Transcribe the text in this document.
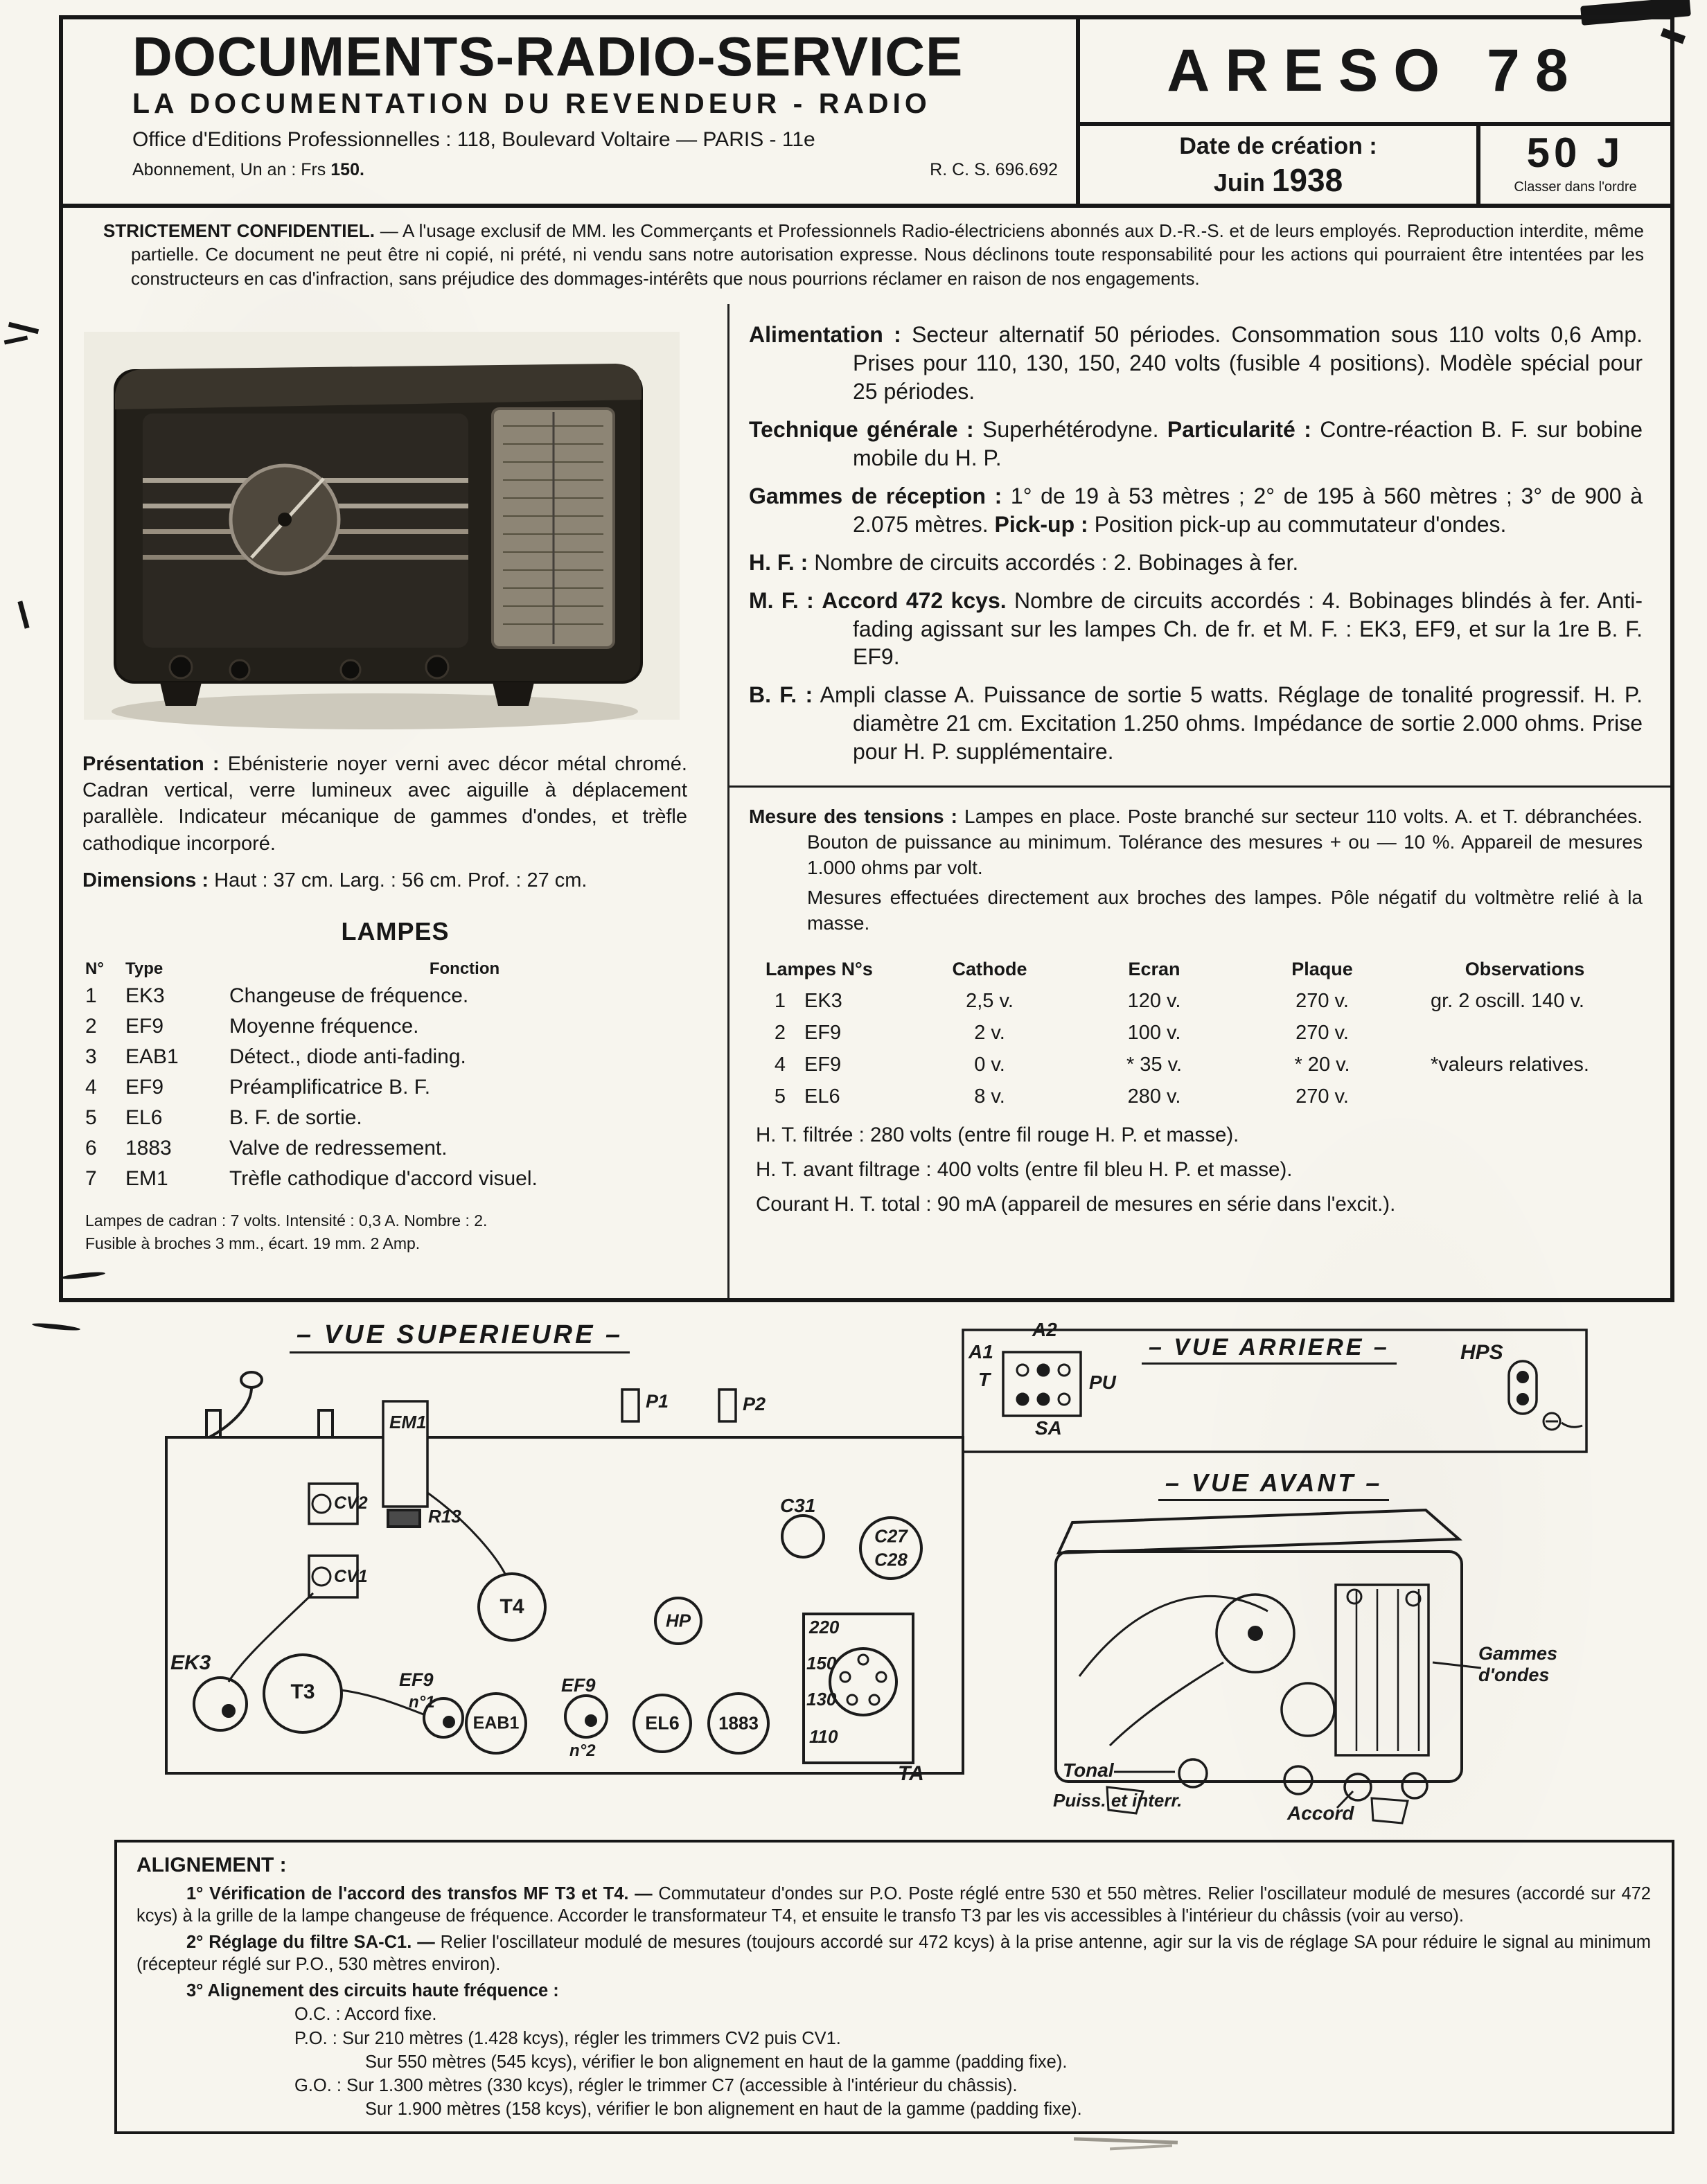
DOCUMENTS-RADIO-SERVICE
LA DOCUMENTATION DU REVENDEUR - RADIO
Office d'Editions Professionnelles : 118, Boulevard Voltaire — PARIS - 11e
Abonnement, Un an : Frs 150.	R. C. S. 696.692
ARESO 78
Date de création :
Juin 1938
50 J
Classer dans l'ordre
STRICTEMENT CONFIDENTIEL. — A l'usage exclusif de MM. les Commerçants et Professionnels Radio-électriciens abonnés aux D.-R.-S. et de leurs employés. Reproduction interdite, même partielle. Ce document ne peut être ni copié, ni prété, ni vendu sans notre autorisation expresse. Nous déclinons toute responsabilité pour les actions qui pourraient être intentées par les constructeurs en cas d'infraction, sans préjudice des dommages-intérêts que nous pourrions réclamer en raison de nos engagements.

Présentation : Ebénisterie noyer verni avec décor métal chromé. Cadran vertical, verre lumineux avec aiguille à déplacement parallèle. Indicateur mécanique de gammes d'ondes, et trèfle cathodique incorporé.

Dimensions : Haut : 37 cm. Larg. : 56 cm. Prof. : 27 cm.

LAMPES
N°	Type	Fonction
1	EK3	Changeuse de fréquence.
2	EF9	Moyenne fréquence.
3	EAB1	Détect., diode anti-fading.
4	EF9	Préamplificatrice B. F.
5	EL6	B. F. de sortie.
6	1883	Valve de redressement.
7	EM1	Trèfle cathodique d'accord visuel.
Lampes de cadran : 7 volts. Intensité : 0,3 A. Nombre : 2.
Fusible à broches 3 mm., écart. 19 mm. 2 Amp.

Alimentation : Secteur alternatif 50 périodes. Consommation sous 110 volts 0,6 Amp. Prises pour 110, 130, 150, 240 volts (fusible 4 positions). Modèle spécial pour 25 périodes.

Technique générale : Superhétérodyne. Particularité : Contre-réaction B. F. sur bobine mobile du H. P.

Gammes de réception : 1° de 19 à 53 mètres ; 2° de 195 à 560 mètres ; 3° de 900 à 2.075 mètres. Pick-up : Position pick-up au commutateur d'ondes.

H. F. : Nombre de circuits accordés : 2. Bobinages à fer.

M. F. : Accord 472 kcys. Nombre de circuits accordés : 4. Bobinages blindés à fer. Anti-fading agissant sur les lampes Ch. de fr. et M. F. : EK3, EF9, et sur la 1re B. F. EF9.

B. F. : Ampli classe A. Puissance de sortie 5 watts. Réglage de tonalité progressif. H. P. diamètre 21 cm. Excitation 1.250 ohms. Impédance de sortie 2.000 ohms. Prise pour H. P. supplémentaire.

Mesure des tensions : Lampes en place. Poste branché sur secteur 110 volts. A. et T. débranchées. Bouton de puissance au minimum. Tolérance des mesures + ou — 10 %. Appareil de mesures 1.000 ohms par volt.

Mesures effectuées directement aux broches des lampes. Pôle négatif du voltmètre relié à la masse.

Lampes N°s	Cathode	Ecran	Plaque	Observations
1 EK3	2,5 v.	120 v.	270 v.	gr. 2 oscill. 140 v.
2 EF9	2 v.	100 v.	270 v.
4 EF9	0 v.	* 35 v.	* 20 v.	*valeurs relatives.
5 EL6	8 v.	280 v.	270 v.

H. T. filtrée : 280 volts (entre fil rouge H. P. et masse).

H. T. avant filtrage : 400 volts (entre fil bleu H. P. et masse).

Courant H. T. total : 90 mA (appareil de mesures en série dans l'excit.).

– VUE SUPERIEURE –	– VUE ARRIERE –
– VUE AVANT –
EM1
R13
CV2
CV1
P1	P2
C31
C27
C28
T4
HP
EK3
T3
EF9
n°1
EAB1
EF9
n°2
EL6 1883
220
150
130
110
TA
A1
A2
T	PU
SA
HPS
Gammes d'ondes
Tonal
Puiss. et interr.
Accord
ALIGNEMENT :

1° Vérification de l'accord des transfos MF T3 et T4. — Commutateur d'ondes sur P.O. Poste réglé entre 530 et 550 mètres. Relier l'oscillateur modulé de mesures (accordé sur 472 kcys) à la grille de la lampe changeuse de fréquence. Accorder le transformateur T4, et ensuite le transfo T3 par les vis accessibles à l'intérieur du châssis (voir au verso).

2° Réglage du filtre SA-C1. — Relier l'oscillateur modulé de mesures (toujours accordé sur 472 kcys) à la prise antenne, agir sur la vis de réglage SA pour réduire le signal au minimum (récepteur réglé sur P.O., 530 mètres environ).

3° Alignement des circuits haute fréquence :

O.C. : Accord fixe.

P.O. : Sur 210 mètres (1.428 kcys), régler les trimmers CV2 puis CV1.

Sur 550 mètres (545 kcys), vérifier le bon alignement en haut de la gamme (padding fixe).

G.O. : Sur 1.300 mètres (330 kcys), régler le trimmer C7 (accessible à l'intérieur du châssis).

Sur 1.900 mètres (158 kcys), vérifier le bon alignement en haut de la gamme (padding fixe).
